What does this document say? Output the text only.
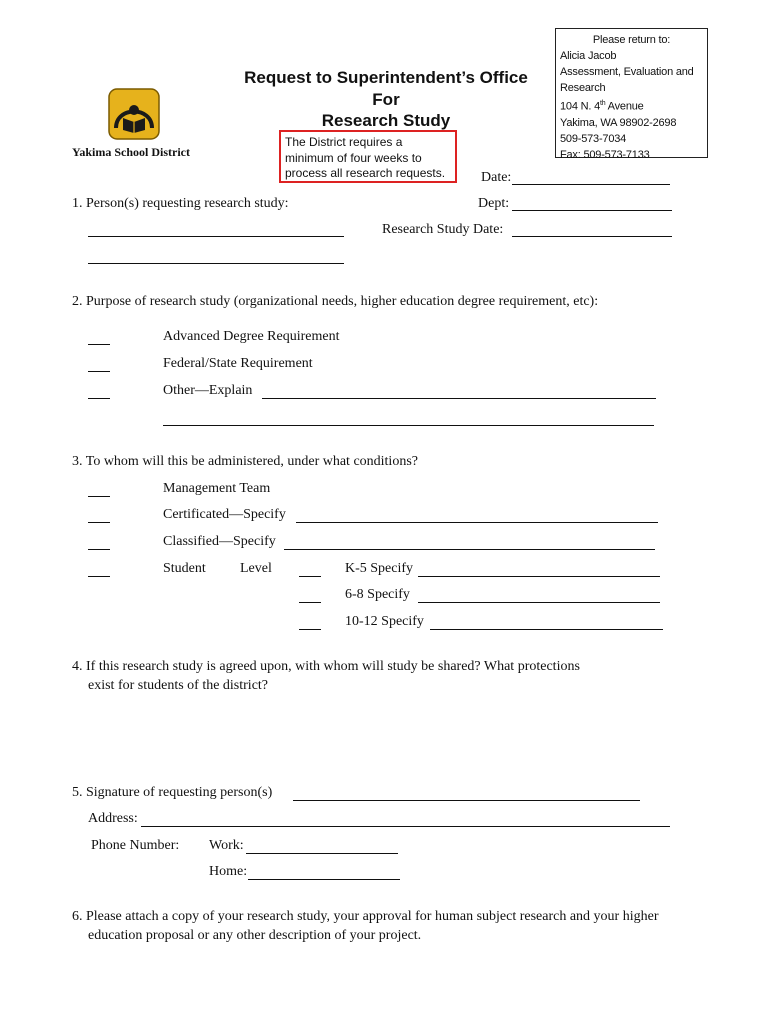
Please return to:
Alicia Jacob
Assessment, Evaluation and
Research
104 N. 4th Avenue
Yakima, WA 98902-2698
509-573-7034
Fax: 509-573-7133
Request to Superintendent’s Office
For
Research Study
Yakima School District
The District requires a
minimum of four weeks to
process all research requests.	Date:
Dept:
Research Study Date:
1. Person(s) requesting research study:
2. Purpose of research study (organizational needs, higher education degree requirement, etc):
Advanced Degree Requirement
Federal/State Requirement
Other—Explain
3. To whom will this be administered, under what conditions?
Management Team
Certificated—Specify
Classified—Specify
Student Level	K-5 Specify
6-8 Specify
10-12 Specify
4. If this research study is agreed upon, with whom will study be shared? What protections
exist for students of the district?
5. Signature of requesting person(s)
Address:
Phone Number: Work:
Home:
6. Please attach a copy of your research study, your approval for human subject research and your higher
education proposal or any other description of your project.
